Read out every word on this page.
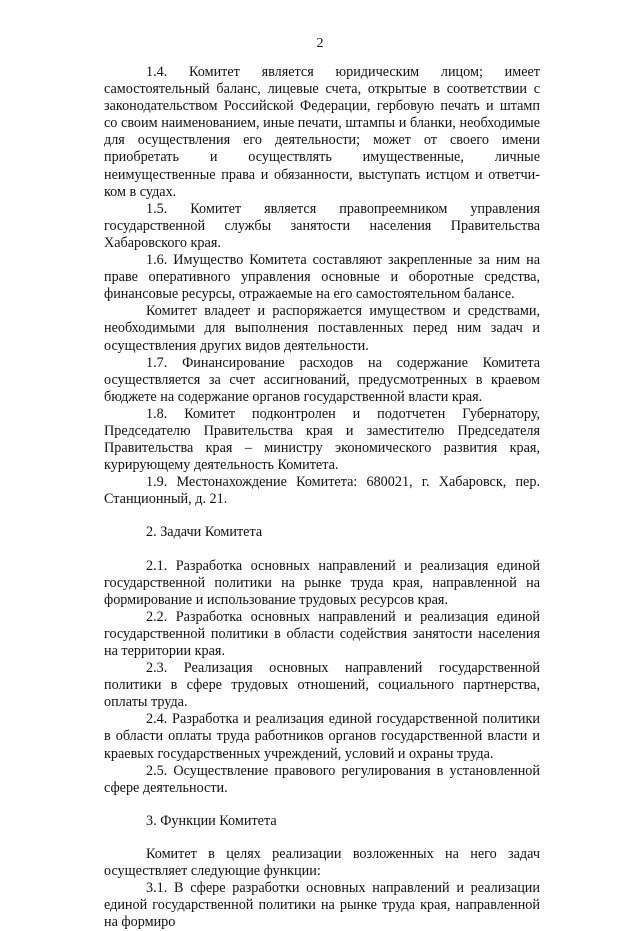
2

1.4. Комитет является юридическим лицом; имеет самостоятельный баланс, лицевые счета, открытые в соответствии с законодательством Российской Федерации, гербовую печать и штамп со своим наименованием, иные печати, штампы и бланки, необходимые для осуществления его деятельности; может от своего имени приобретать и осуществлять имущественные, личные неимущественные права и обязанности, выступать истцом и ответчиком в судах.

1.5. Комитет является правопреемником управления государственной службы занятости населения Правительства Хабаровского края.

1.6. Имущество Комитета составляют закрепленные за ним на праве оперативного управления основные и оборотные средства, финансовые ресурсы, отражаемые на его самостоятельном балансе.

Комитет владеет и распоряжается имуществом и средствами, необходимыми для выполнения поставленных перед ним задач и осуществления других видов деятельности.

1.7. Финансирование расходов на содержание Комитета осуществляется за счет ассигнований, предусмотренных в краевом бюджете на содержание органов государственной власти края.

1.8. Комитет подконтролен и подотчетен Губернатору, Председателю Правительства края и заместителю Председателя Правительства края – министру экономического развития края, курирующему деятельность Комитета.

1.9. Местонахождение Комитета: 680021, г. Хабаровск, пер. Станционный, д. 21.

2. Задачи Комитета

2.1. Разработка основных направлений и реализация единой государственной политики на рынке труда края, направленной на формирование и использование трудовых ресурсов края.

2.2. Разработка основных направлений и реализация единой государственной политики в области содействия занятости населения на территории края.

2.3. Реализация основных направлений государственной политики в сфере трудовых отношений, социального партнерства, оплаты труда.

2.4. Разработка и реализация единой государственной политики в области оплаты труда работников органов государственной власти и краевых государственных учреждений, условий и охраны труда.

2.5. Осуществление правового регулирования в установленной сфере деятельности.

3. Функции Комитета

Комитет в целях реализации возложенных на него задач осуществляет следующие функции:

3.1. В сфере разработки основных направлений и реализации единой государственной политики на рынке труда края, направленной на формиро
